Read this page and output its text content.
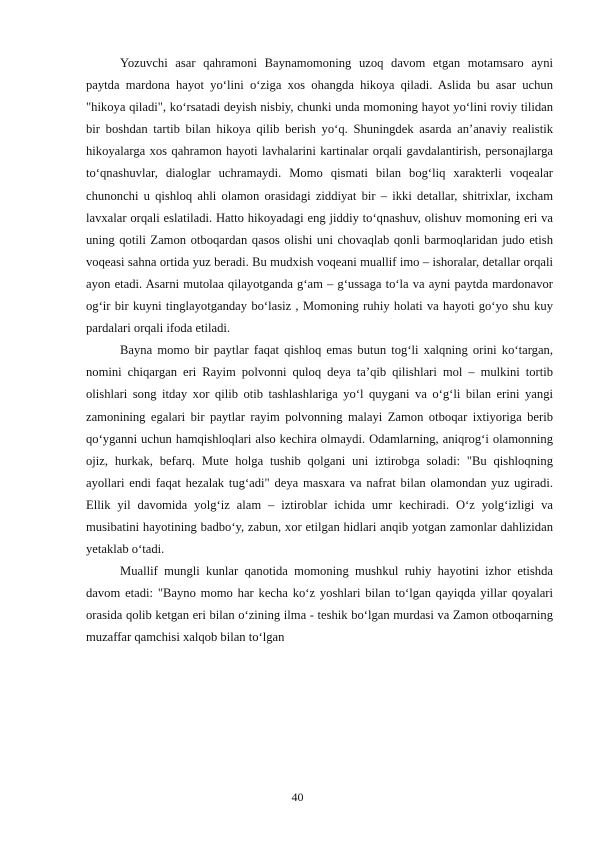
Yozuvchi asar qahramoni Baynamomoning uzoq davom etgan motamsaro ayni paytda mardona hayot yo‘lini o‘ziga xos ohangda hikoya qiladi. Aslida bu asar uchun "hikoya qiladi", ko‘rsatadi deyish nisbiy, chunki unda momoning hayot yo‘lini roviy tilidan bir boshdan tartib bilan hikoya qilib berish yo‘q. Shuningdek asarda an’anaviy realistik hikoyalarga xos qahramon hayoti lavhalarini kartinalar orqali gavdalantirish, personajlarga to‘qnashuvlar, dialoglar uchramaydi. Momo qismati bilan bog‘liq xarakterli voqealar chunonchi u qishloq ahli olamon orasidagi ziddiyat bir – ikki detallar, shitrixlar, ixcham lavxalar orqali eslatiladi. Hatto hikoyadagi eng jiddiy to‘qnashuv, olishuv momoning eri va uning qotili Zamon otboqardan qasos olishi uni chovaqlab qonli barmoqlaridan judo etish voqeasi sahna ortida yuz beradi. Bu mudxish voqeani muallif imo – ishoralar, detallar orqali ayon etadi. Asarni mutolaa qilayotganda g‘am – g‘ussaga to‘la va ayni paytda mardonavor og‘ir bir kuyni tinglayotganday bo‘lasiz , Momoning ruhiy holati va hayoti go‘yo shu kuy pardalari orqali ifoda etiladi.

Bayna momo bir paytlar faqat qishloq emas butun tog‘li xalqning orini ko‘targan, nomini chiqargan eri Rayim polvonni quloq deya ta’qib qilishlari mol – mulkini tortib olishlari song itday xor qilib otib tashlashlariga yo‘l quygani va o‘g‘li bilan erini yangi zamonining egalari bir paytlar rayim polvonning malayi Zamon otboqar ixtiyoriga berib qo‘yganni uchun hamqishloqlari also kechira olmaydi. Odamlarning, aniqrog‘i olamonning ojiz, hurkak, befarq. Mute holga tushib qolgani uni iztirobga soladi: "Bu qishloqning ayollari endi faqat hezalak tug‘adi" deya masxara va nafrat bilan olamondan yuz ugiradi. Ellik yil davomida yolg‘iz alam – iztiroblar ichida umr kechiradi. O‘z yolg‘izligi va musibatini hayotining badbo‘y, zabun, xor etilgan hidlari anqib yotgan zamonlar dahlizidan yetaklab o‘tadi.

Muallif mungli kunlar qanotida momoning mushkul ruhiy hayotini izhor etishda davom etadi: "Bayno momo har kecha ko‘z yoshlari bilan to‘lgan qayiqda yillar qoyalari orasida qolib ketgan eri bilan o‘zining ilma - teshik bo‘lgan murdasi va Zamon otboqarning muzaffar qamchisi xalqob bilan to‘lgan

40
